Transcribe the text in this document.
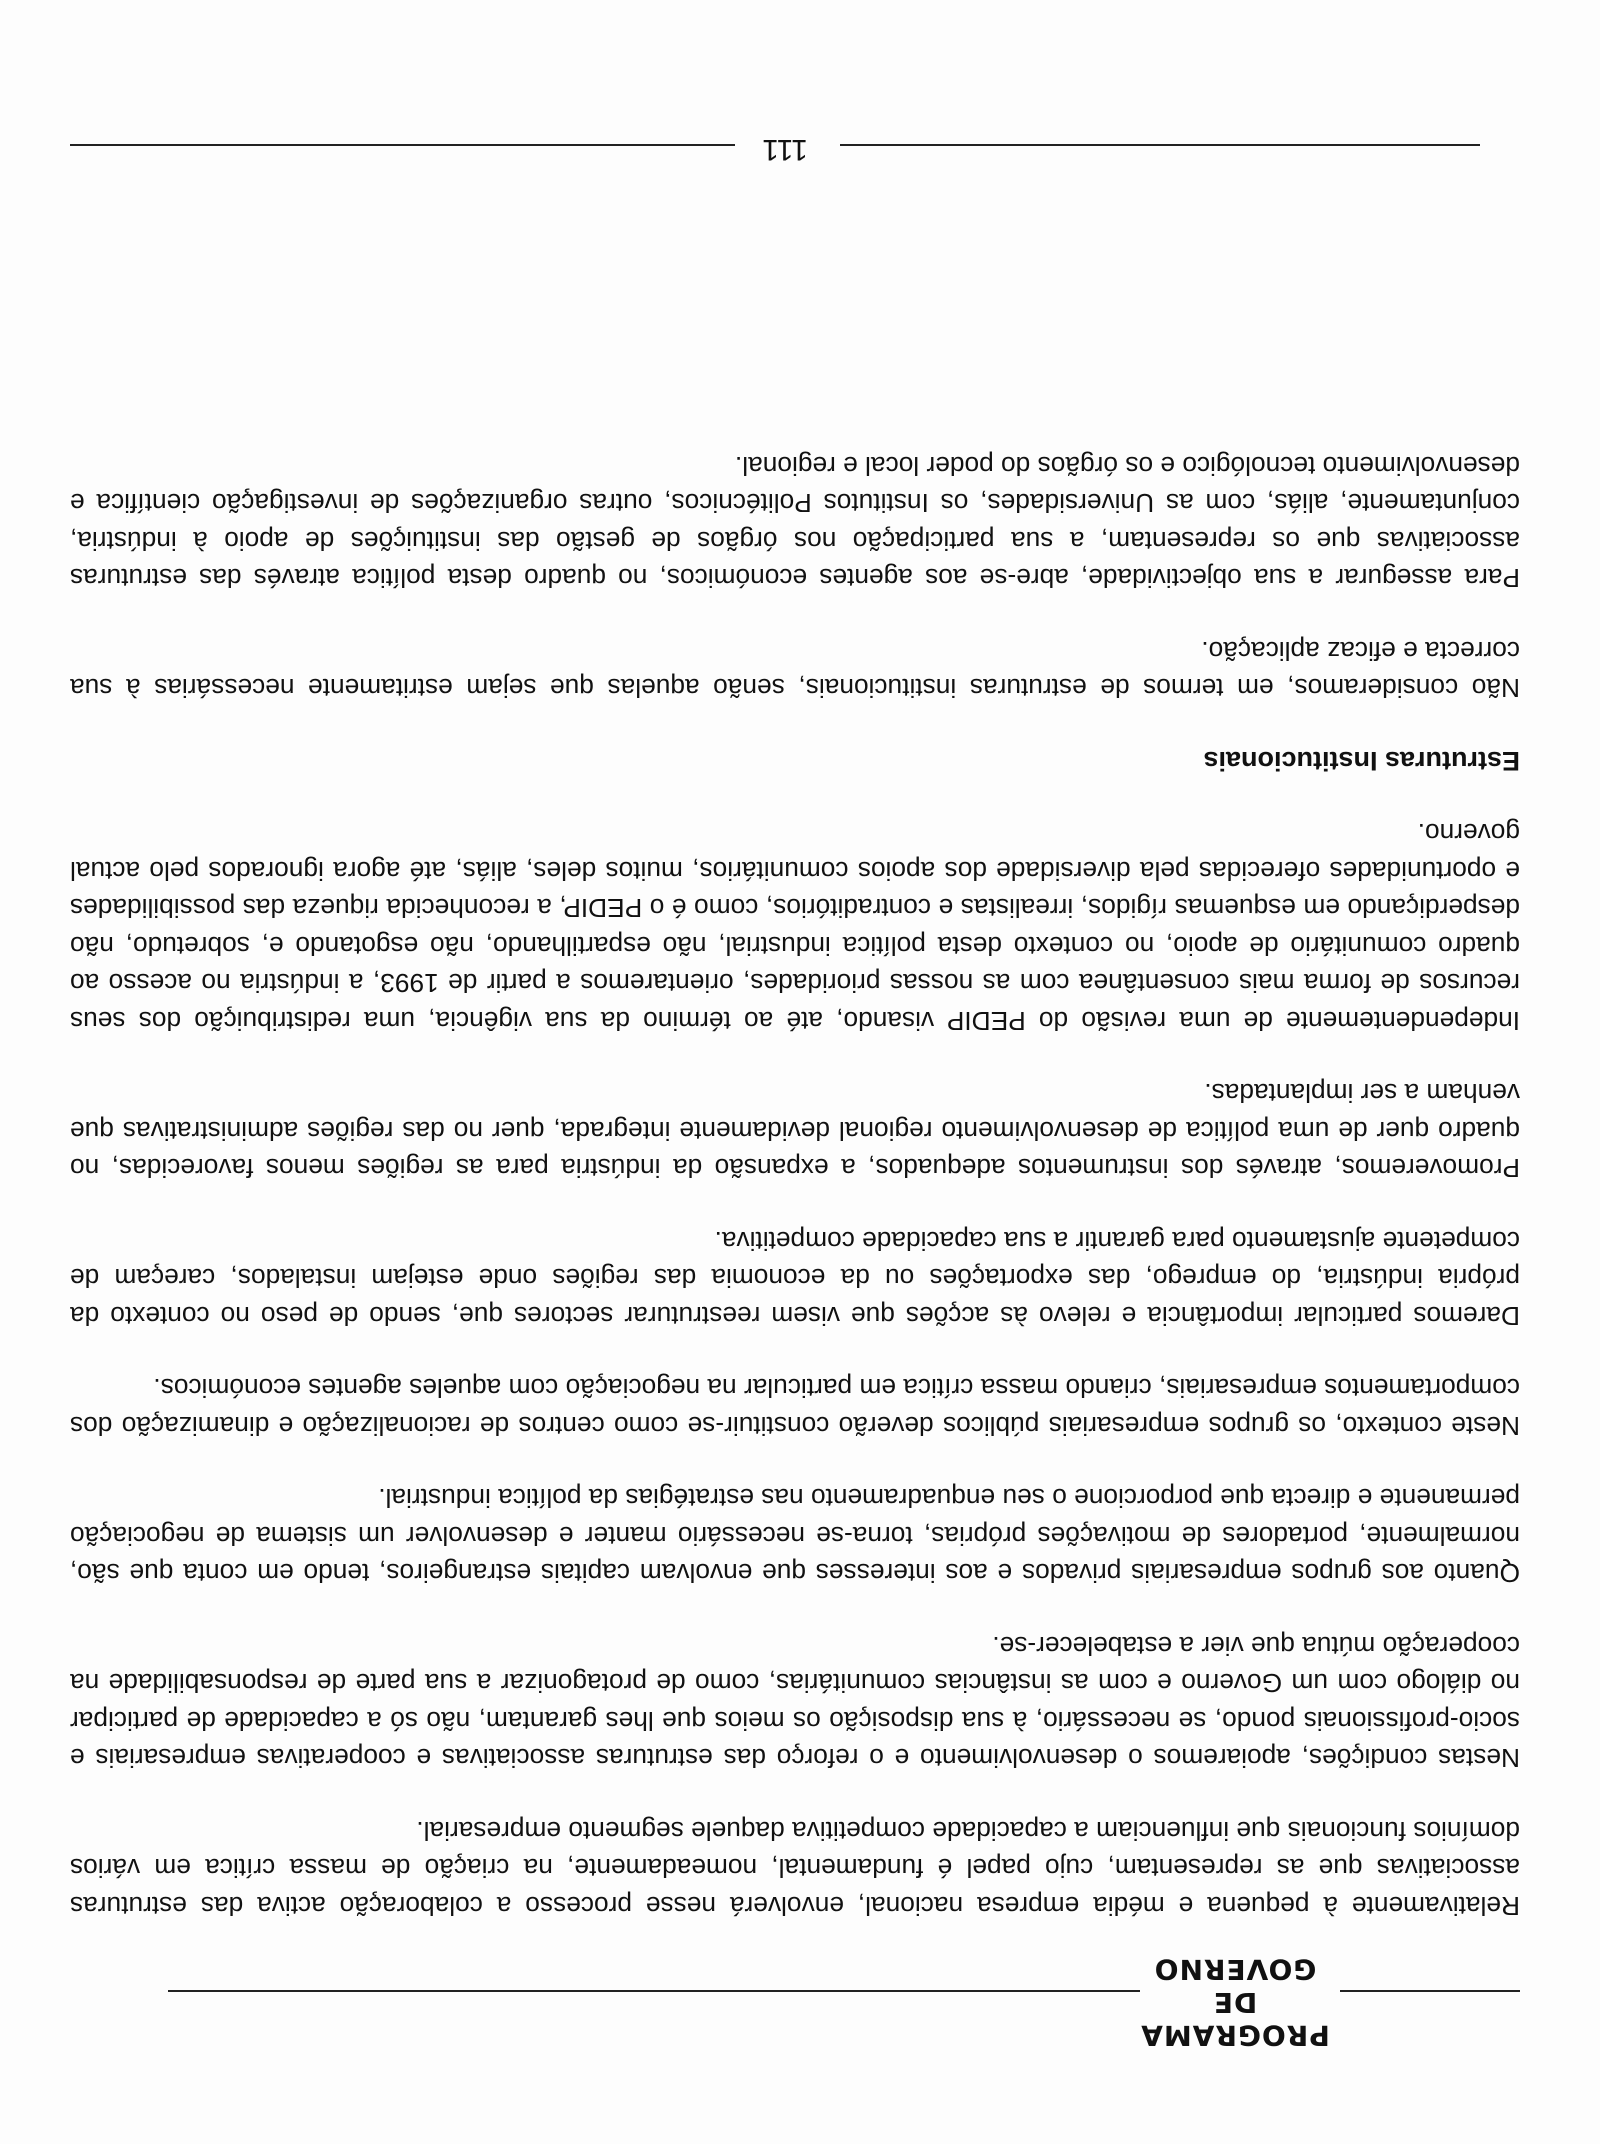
PROGRAMA
DE GOVERNO

Relativamente à pequena e média empresa nacional, envolverá nesse processo a colaboração activa das estruturas associativas que as representam, cujo papel é fundamental, nomeadamente, na criação de massa crítica em vários domínios funcionais que influenciam a capacidade competitiva daquele segmento empresarial.

Nestas condições, apoiaremos o desenvolvimento e o reforço das estruturas associativas e cooperativas empresariais e socio-profissionais pondo, se necessário, à sua disposição os meios que lhes garantam, não só a capacidade de participar no diálogo com um Governo e com as instâncias comunitárias, como de protagonizar a sua parte de responsabilidade na cooperação mútua que vier a estabelecer-se.

Quanto aos grupos empresariais privados e aos interesses que envolvam capitais estrangeiros, tendo em conta que são, normalmente, portadores de motivações próprias, torna-se necessário manter e desenvolver um sistema de negociação permanente e directa que porporcione o seu enquadramento nas estratégias da política industrial.

Neste contexto, os grupos empresariais públicos deverão constituir-se como centros de racionalização e dinamização dos comportamentos empresariais, criando massa crítica em particular na negociação com aqueles agentes económicos.

Daremos particular importância e relevo às acções que visem reestruturar sectores que, sendo de peso no contexto da própria indústria, do emprego, das exportações ou da economia das regiões onde estejam instalados, careçam de competente ajustamento para garantir a sua capacidade competitiva.

Promoveremos, através dos instrumentos adequados, a expansão da indústria para as regiões menos favorecidas, no quadro quer de uma política de desenvolvimento regional devidamente integrada, quer no das regiões administrativas que venham a ser implantadas.

Independentemente de uma revisão do PEDIP visando, até ao término da sua vigência, uma redistribuição dos seus recursos de forma mais consentânea com as nossas prioridades, orientaremos a partir de 1993, a indústria no acesso ao quadro comunitário de apoio, no contexto desta política industrial, não espartilhando, não esgotando e, sobretudo, não desperdiçando em esquemas rígidos, irrealistas e contraditórios, como é o PEDIP, a reconhecida riqueza das possibilidades e oportunidades oferecidas pela diversidade dos apoios comunitários, muitos deles, aliás, até agora ignorados pelo actual governo.

Estruturas Institucionais

Não consideramos, em termos de estruturas institucionais, senão aquelas que sejam estritamente necessárias à sua correcta e eficaz aplicação.

Para assegurar a sua objectividade, abre-se aos agentes económicos, no quadro desta política através das estruturas associativas que os representam, a sua participação nos órgãos de gestão das instituições de apoio à indústria, conjuntamente, aliás, com as Universidades, os Institutos Politécnicos, outras organizações de investigação científica e desenvolvimento tecnológico e os órgãos do poder local e regional.

111
